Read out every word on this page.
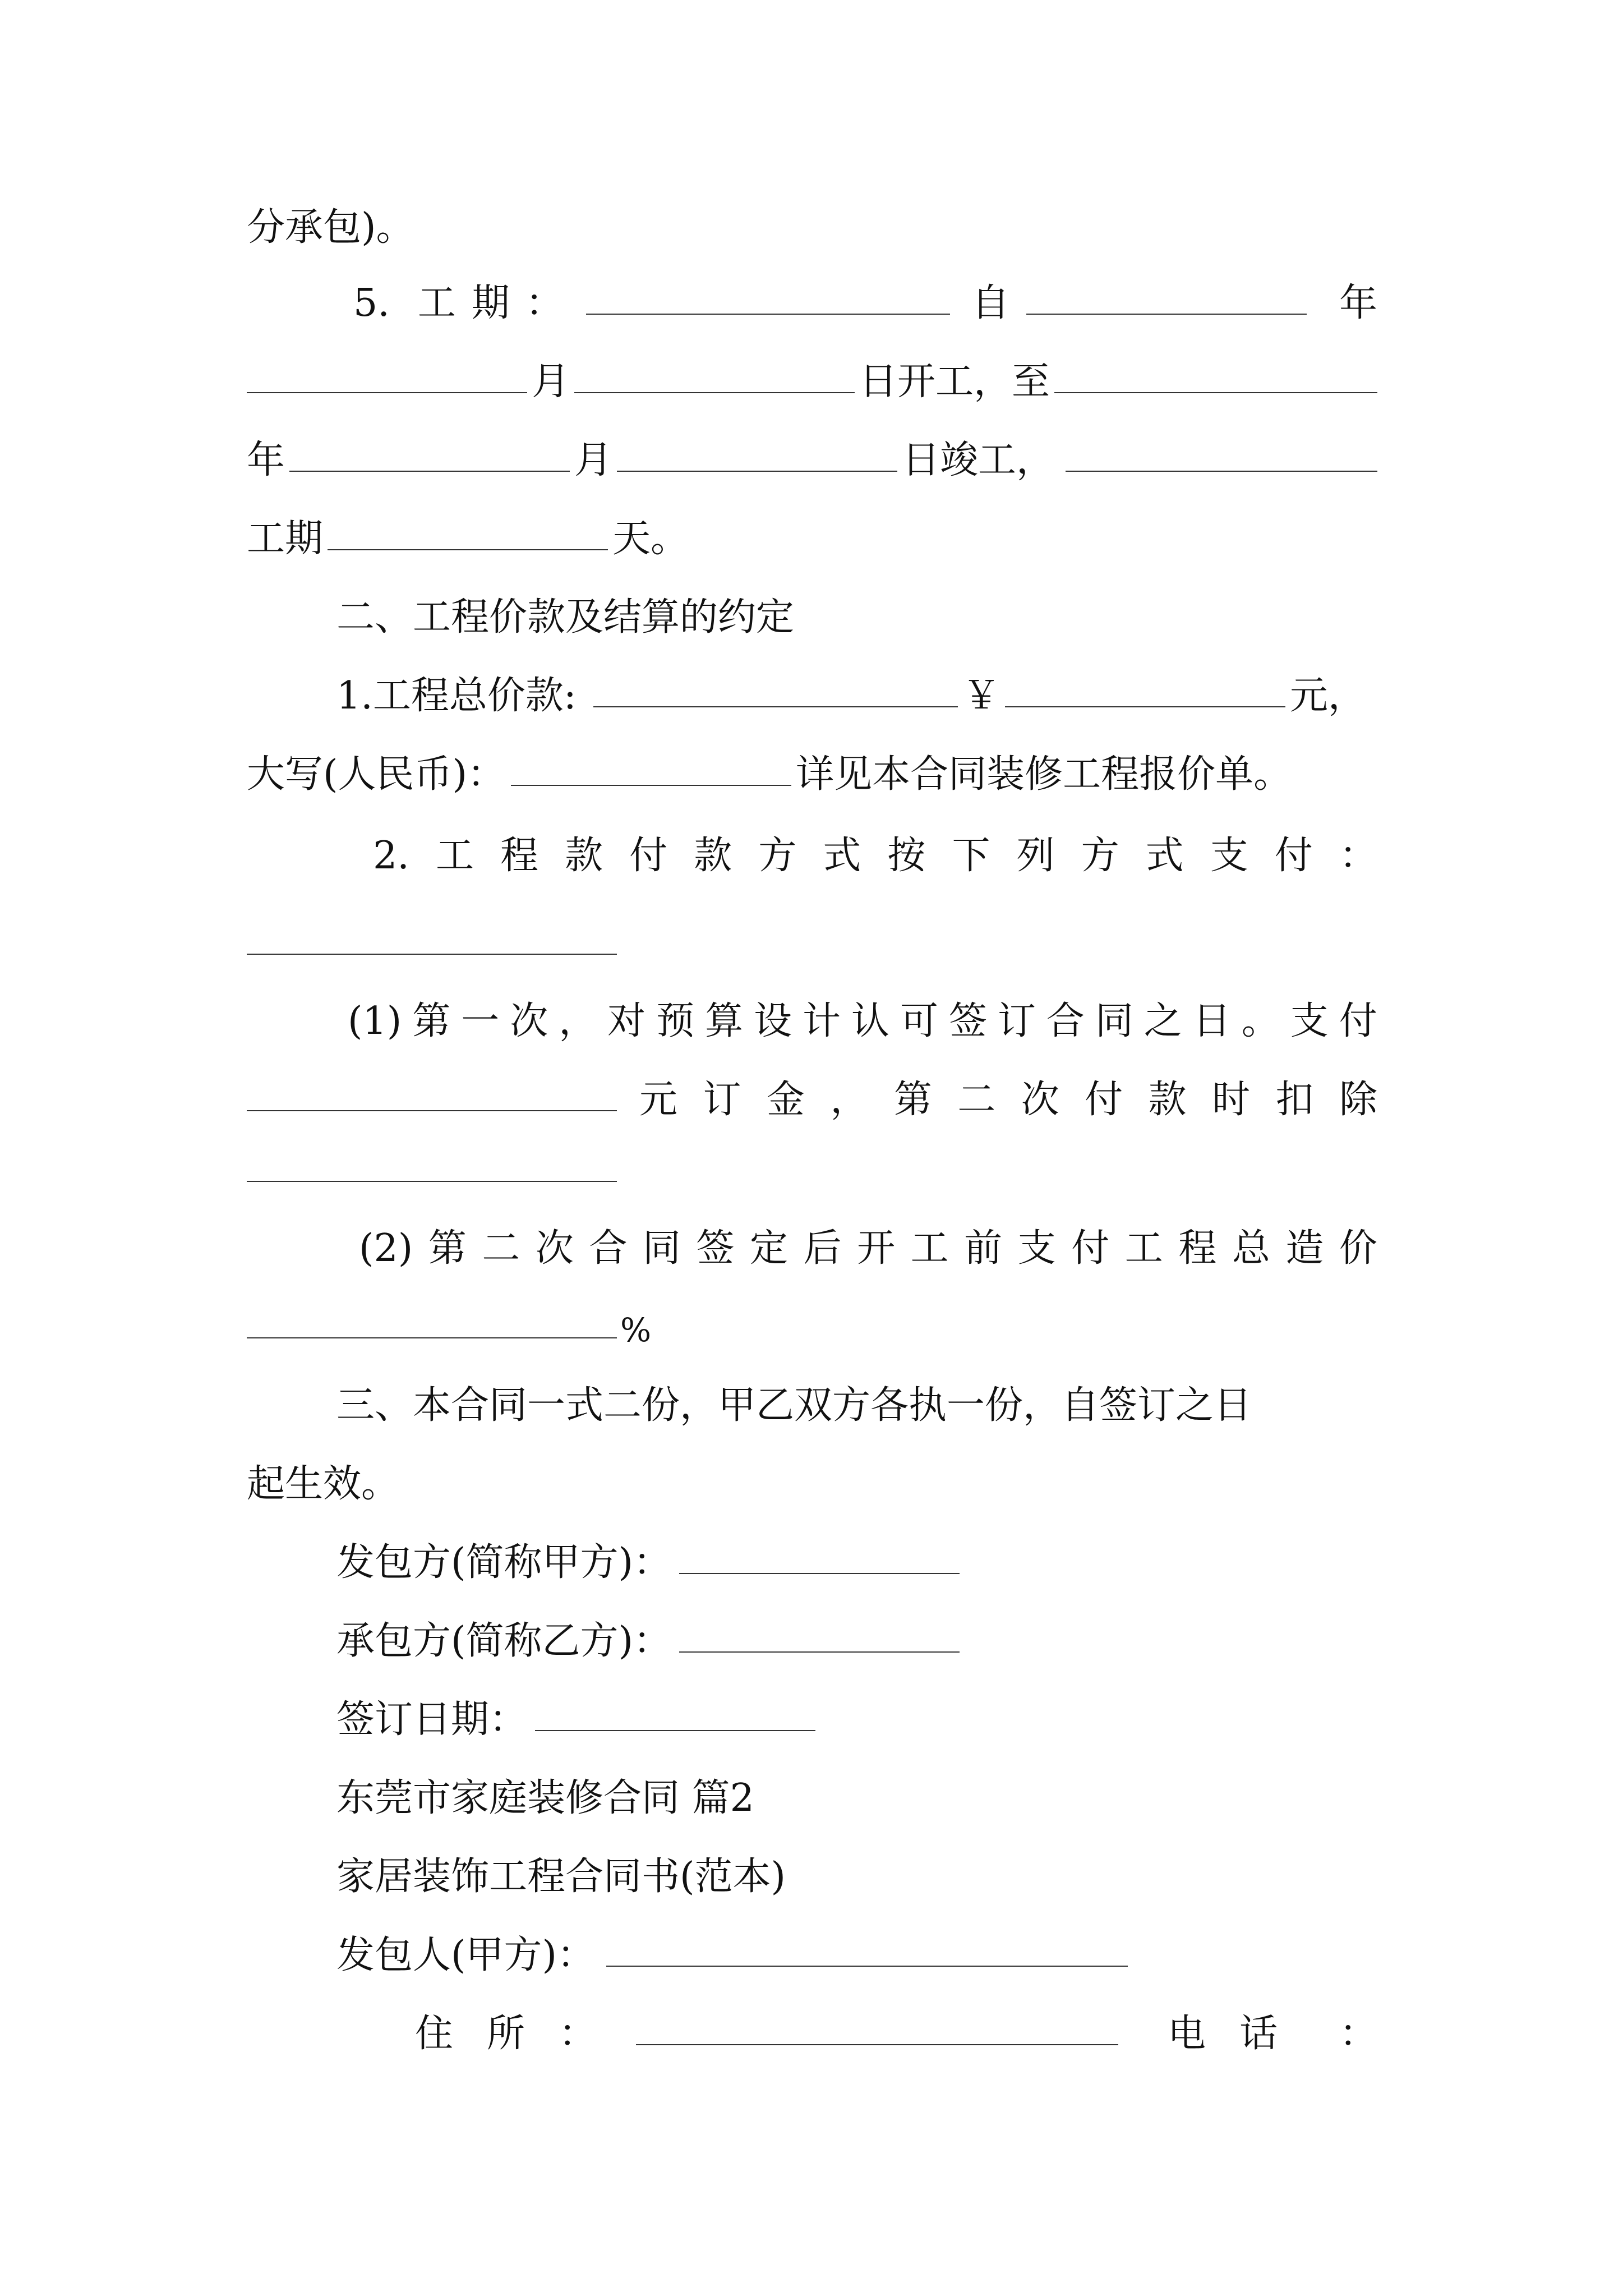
分承包)。
5. 工 期 ：	自	年
月	日开工，至
年	月	日竣工，
工期	天。
二、工程价款及结算的约定
1.工程总价款:	￥	元，
大写(人民币)：	详见本合同装修工程报价单。
2. 工 程 款 付 款 方 式 按 下 列 方 式 支 付 ：
(1) 第 一 次 ， 对 预 算 设 计 认 可 签 订 合 同 之 日 。 支 付
元 订 金 ， 第 二 次 付 款 时 扣 除
(2) 第 二 次 合 同 签 定 后 开 工 前 支 付 工 程 总 造 价
%
三、本合同一式二份，甲乙双方各执一份，自签订之日
起生效。
发包方(简称甲方)：
承包方(简称乙方)：
签订日期：
东莞市家庭装修合同 篇2
家居装饰工程合同书(范本)
发包人(甲方)：
住 所 ：	电 话 ：
